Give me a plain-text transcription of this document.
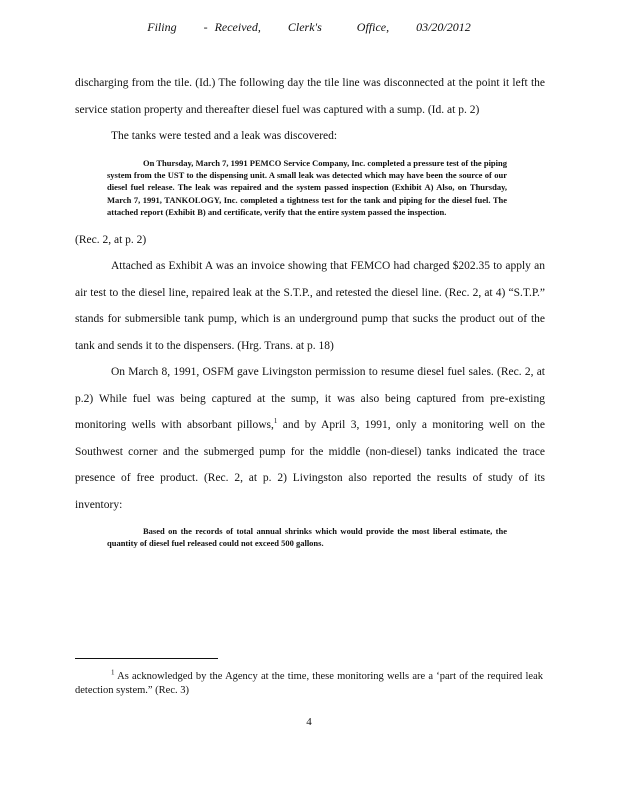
Filing - Received, Clerk's     Office, 03/20/2012

discharging from the tile. (Id.) The following day the tile line was disconnected at the point it left the service station property and thereafter diesel fuel was captured with a sump. (Id. at p. 2)

The tanks were tested and a leak was discovered:

On Thursday, March 7, 1991 PEMCO Service Company, Inc. completed a pressure test of the piping system from the UST to the dispensing unit. A small leak was detected which may have been the source of our diesel fuel release. The leak was repaired and the system passed inspection (Exhibit A) Also, on Thursday, March 7, 1991, TANKOLOGY, Inc. completed a tightness test for the tank and piping for the diesel fuel. The attached report (Exhibit B) and certificate, verify that the entire system passed the inspection.

(Rec. 2, at p. 2)

Attached as Exhibit A was an invoice showing that FEMCO had charged $202.35 to apply an air test to the diesel line, repaired leak at the S.T.P., and retested the diesel line. (Rec. 2, at 4) “S.T.P.” stands for submersible tank pump, which is an underground pump that sucks the product out of the tank and sends it to the dispensers. (Hrg. Trans. at p. 18)

On March 8, 1991, OSFM gave Livingston permission to resume diesel fuel sales. (Rec. 2, at p.2) While fuel was being captured at the sump, it was also being captured from pre-existing monitoring wells with absorbant pillows,$^1$ and by April 3, 1991, only a monitoring well on the Southwest corner and the submerged pump for the middle (non-diesel) tanks indicated the trace presence of free product. (Rec. 2, at p. 2) Livingston also reported the results of study of its inventory:

Based on the records of total annual shrinks which would provide the most liberal estimate, the quantity of diesel fuel released could not exceed 500 gallons.
$^1$ As acknowledged by the Agency at the time, these monitoring wells are a ‘part of the required leak detection system.” (Rec. 3)
4
